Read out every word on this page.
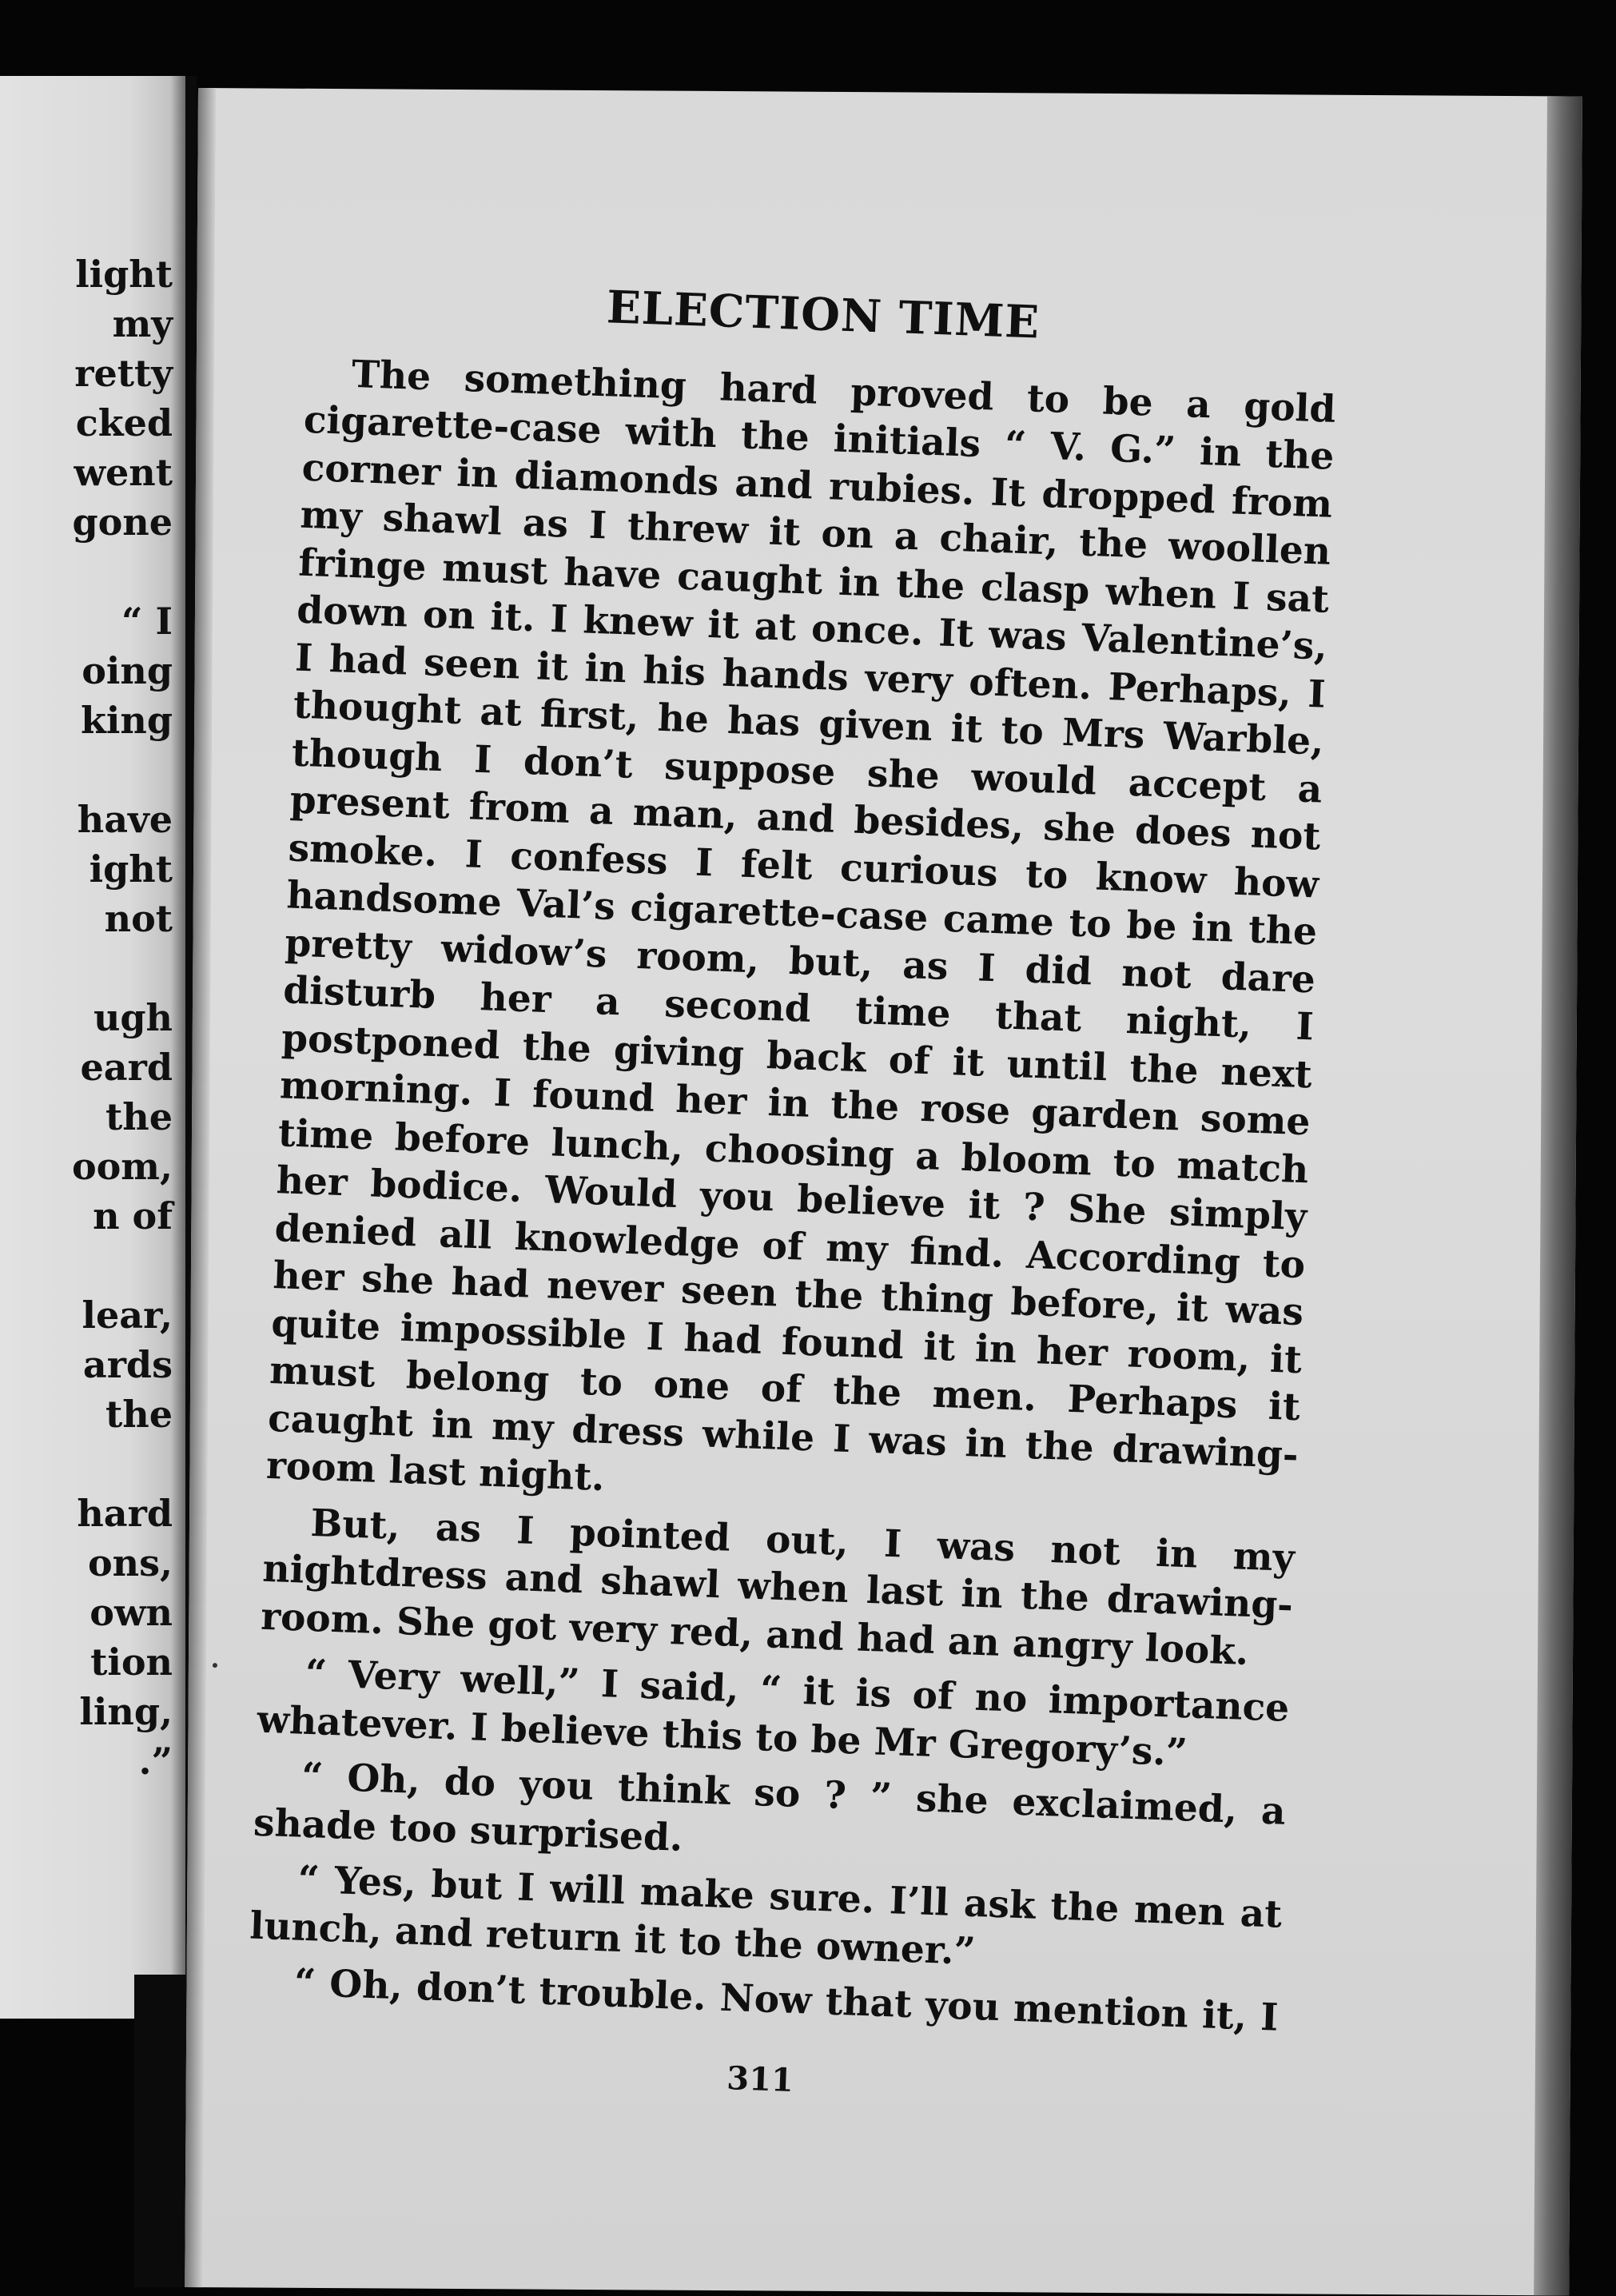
light
my
retty
cked
went
gone
“ I
oing
king
have
ight
not
ugh
eard
the
oom,
n of
lear,
ards
the
hard
ons,
own
tion
ling,
.”
ELECTION TIME

The something hard proved to be a gold cigarette-case with the initials “ V. G.” in the corner in diamonds and rubies. It dropped from my shawl as I threw it on a chair, the woollen fringe must have caught in the clasp when I sat down on it. I knew it at once. It was Valentine’s, I had seen it in his hands very often. Perhaps, I thought at first, he has given it to Mrs Warble, though I don’t suppose she would accept a present from a man, and besides, she does not smoke. I confess I felt curious to know how handsome Val’s cigarette-case came to be in the pretty widow’s room, but, as I did not dare disturb her a second time that night, I postponed the giving back of it until the next morning. I found her in the rose garden some time before lunch, choosing a bloom to match her bodice. Would you believe it ? She simply denied all knowledge of my find. According to her she had never seen the thing before, it was quite impossible I had found it in her room, it must belong to one of the men. Perhaps it caught in my dress while I was in the drawing-room last night.

But, as I pointed out, I was not in my nightdress and shawl when last in the drawing-room. She got very red, and had an angry look.

“ Very well,” I said, “ it is of no importance whatever. I believe this to be Mr Gregory’s.”

“ Oh, do you think so ? ” she exclaimed, a shade too surprised.

“ Yes, but I will make sure. I’ll ask the men at lunch, and return it to the owner.”

“ Oh, don’t trouble. Now that you mention it, I

311
